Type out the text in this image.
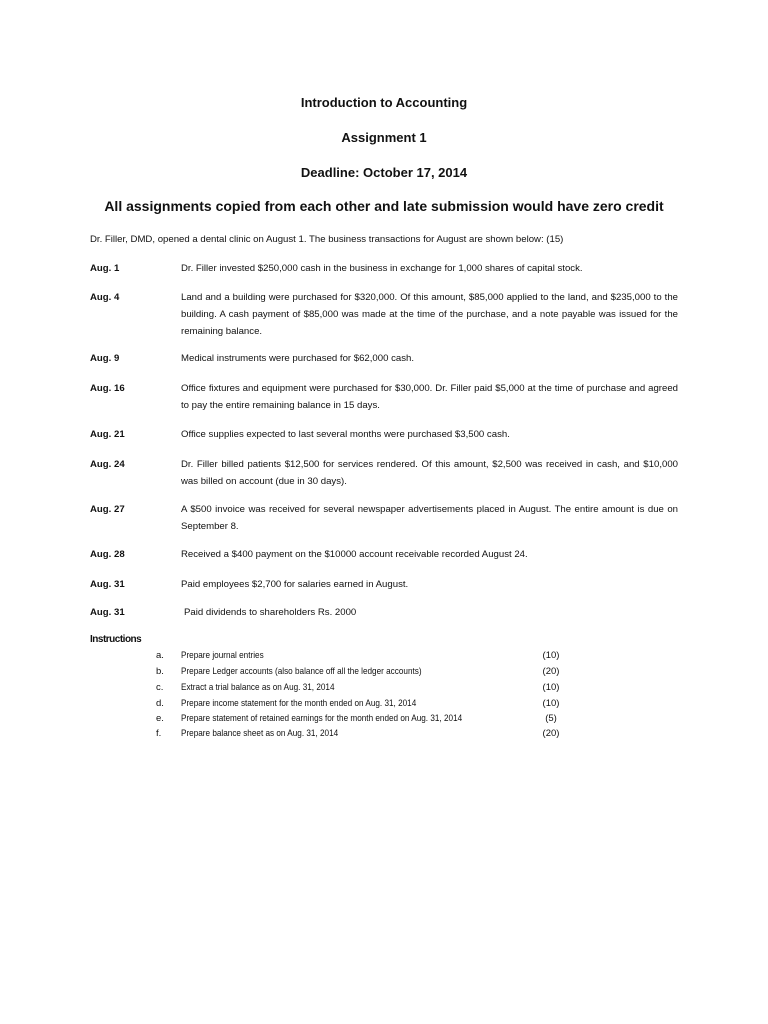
Introduction to Accounting
Assignment 1
Deadline: October 17, 2014
All assignments copied from each other and late submission would have zero credit
Dr. Filler, DMD, opened a dental clinic on August 1. The business transactions for August are shown below: (15)
Aug. 1	Dr. Filler invested $250,000 cash in the business in exchange for 1,000 shares of capital stock.
Aug. 4	Land and a building were purchased for $320,000. Of this amount, $85,000 applied to the land, and $235,000 to the building. A cash payment of $85,000 was made at the time of the purchase, and a note payable was issued for the remaining balance.
Aug. 9	Medical instruments were purchased for $62,000 cash.
Aug. 16	Office fixtures and equipment were purchased for $30,000. Dr. Filler paid $5,000 at the time of purchase and agreed to pay the entire remaining balance in 15 days.
Aug. 21	Office supplies expected to last several months were purchased $3,500 cash.
Aug. 24	Dr. Filler billed patients $12,500 for services rendered. Of this amount, $2,500 was received in cash, and $10,000 was billed on account (due in 30 days).
Aug. 27	A $500 invoice was received for several newspaper advertisements placed in August. The entire amount is due on September 8.
Aug. 28	Received a $400 payment on the $10000 account receivable recorded August 24.
Aug. 31	Paid employees $2,700 for salaries earned in August.
Aug. 31	Paid dividends to shareholders Rs. 2000
Instructions
a.	Prepare journal entries	(10)
b.	Prepare Ledger accounts (also balance off all the ledger accounts)	(20)
c.	Extract a trial balance as on Aug. 31, 2014	(10)
d.	Prepare income statement for the month ended on Aug. 31, 2014	(10)
e.	Prepare statement of retained earnings for the month ended on Aug. 31, 2014	(5)
f.	Prepare balance sheet as on Aug. 31, 2014	(20)
